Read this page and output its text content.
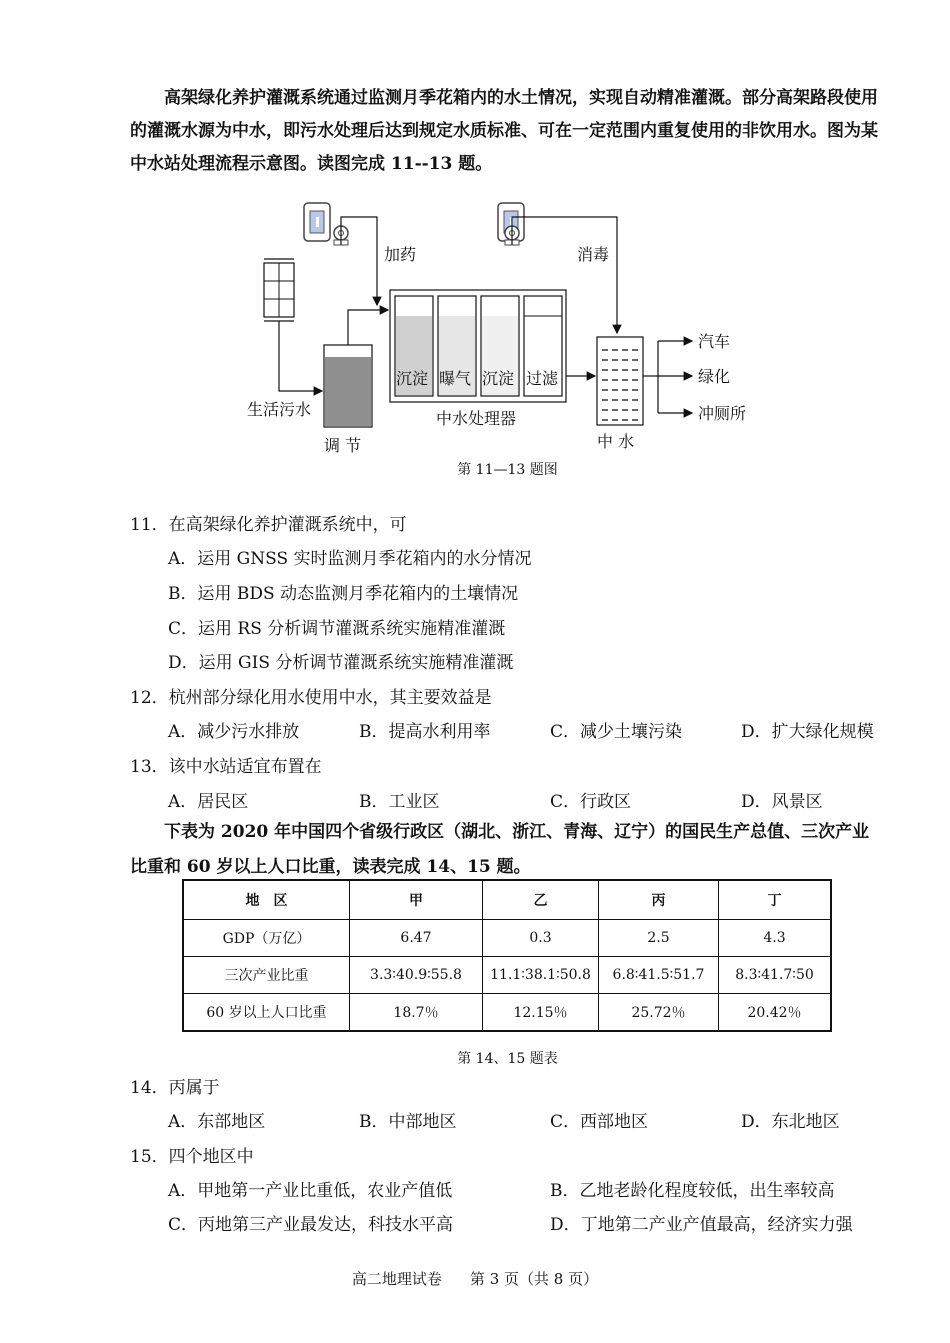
高架绿化养护灌溉系统通过监测月季花箱内的水土情况，实现自动精准灌溉。部分高架路段使用的灌溉水源为中水，即污水处理后达到规定水质标准、可在一定范围内重复使用的非饮用水。图为某中水站处理流程示意图。读图完成 11--13 题。
加药	消毒
生活污水
调 节
沉淀 曝气 沉淀 过滤
中水处理器
中 水
汽车
绿化
冲厕所
第 11—13 题图
11．在高架绿化养护灌溉系统中，可
A．运用 GNSS 实时监测月季花箱内的水分情况
B．运用 BDS 动态监测月季花箱内的土壤情况
C．运用 RS 分析调节灌溉系统实施精准灌溉
D．运用 GIS 分析调节灌溉系统实施精准灌溉
12．杭州部分绿化用水使用中水，其主要效益是
A．减少污水排放	B．提高水利用率	C．减少土壤污染	D．扩大绿化规模
13．该中水站适宜布置在
A．居民区	B．工业区	C．行政区	D．风景区
下表为 2020 年中国四个省级行政区（湖北、浙江、青海、辽宁）的国民生产总值、三次产业比重和 60 岁以上人口比重，读表完成 14、15 题。
地　区	甲	乙	丙	丁
GDP（万亿）	6.47	0.3	2.5	4.3
三次产业比重	3.3∶40.9∶55.8	11.1∶38.1∶50.8	6.8∶41.5∶51.7	8.3∶41.7∶50
60 岁以上人口比重	18.7％	12.15％	25.72％	20.42％
第 14、15 题表
14．丙属于
A．东部地区	B．中部地区	C．西部地区	D．东北地区
15．四个地区中
A．甲地第一产业比重低，农业产值低	B．乙地老龄化程度较低，出生率较高
C．丙地第三产业最发达，科技水平高	D．丁地第二产业产值最高，经济实力强
高二地理试卷 第 3 页（共 8 页）
